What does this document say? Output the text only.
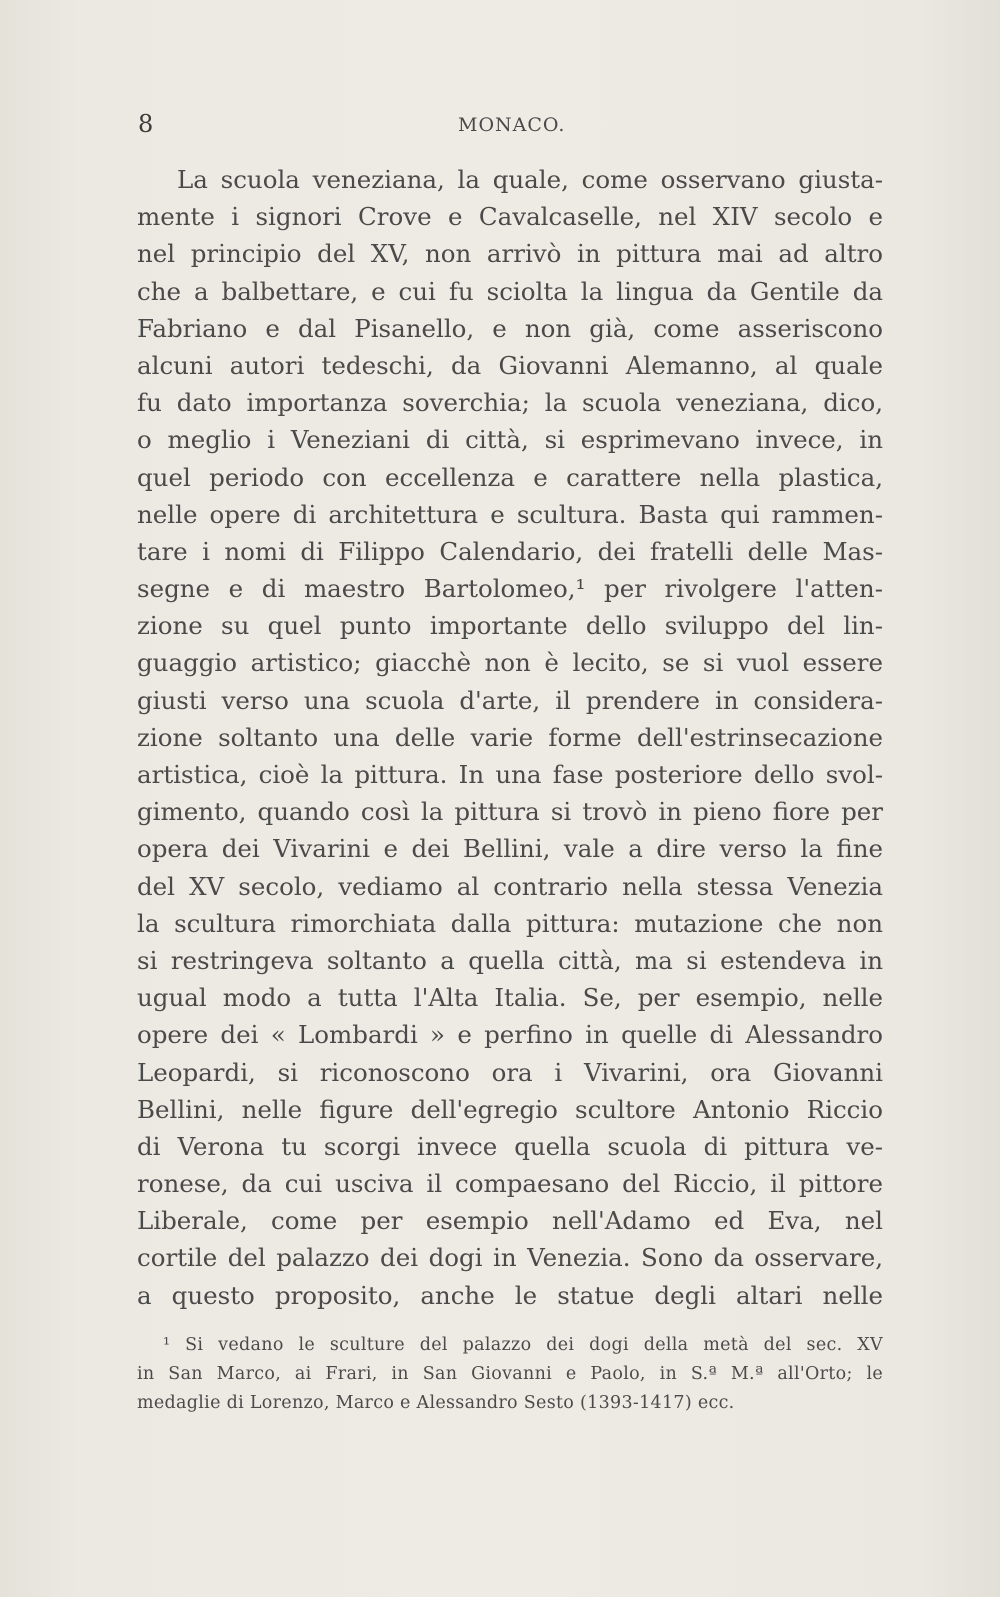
8	MONACO.
La scuola veneziana, la quale, come osservano giusta-
mente i signori Crove e Cavalcaselle, nel XIV secolo e
nel principio del XV, non arrivò in pittura mai ad altro
che a balbettare, e cui fu sciolta la lingua da Gentile da
Fabriano e dal Pisanello, e non già, come asseriscono
alcuni autori tedeschi, da Giovanni Alemanno, al quale
fu dato importanza soverchia; la scuola veneziana, dico,
o meglio i Veneziani di città, si esprimevano invece, in
quel periodo con eccellenza e carattere nella plastica,
nelle opere di architettura e scultura. Basta qui rammen-
tare i nomi di Filippo Calendario, dei fratelli delle Mas-
segne e di maestro Bartolomeo,¹ per rivolgere l'atten-
zione su quel punto importante dello sviluppo del lin-
guaggio artistico; giacchè non è lecito, se si vuol essere
giusti verso una scuola d'arte, il prendere in considera-
zione soltanto una delle varie forme dell'estrinsecazione
artistica, cioè la pittura. In una fase posteriore dello svol-
gimento, quando così la pittura si trovò in pieno fiore per
opera dei Vivarini e dei Bellini, vale a dire verso la fine
del XV secolo, vediamo al contrario nella stessa Venezia
la scultura rimorchiata dalla pittura: mutazione che non
si restringeva soltanto a quella città, ma si estendeva in
ugual modo a tutta l'Alta Italia. Se, per esempio, nelle
opere dei « Lombardi » e perfino in quelle di Alessandro
Leopardi, si riconoscono ora i Vivarini, ora Giovanni
Bellini, nelle figure dell'egregio scultore Antonio Riccio
di Verona tu scorgi invece quella scuola di pittura ve-
ronese, da cui usciva il compaesano del Riccio, il pittore
Liberale, come per esempio nell'Adamo ed Eva, nel
cortile del palazzo dei dogi in Venezia. Sono da osservare,
a questo proposito, anche le statue degli altari nelle
¹ Si vedano le sculture del palazzo dei dogi della metà del sec. XV
in San Marco, ai Frari, in San Giovanni e Paolo, in S.ª M.ª all'Orto; le
medaglie di Lorenzo, Marco e Alessandro Sesto (1393-1417) ecc.
